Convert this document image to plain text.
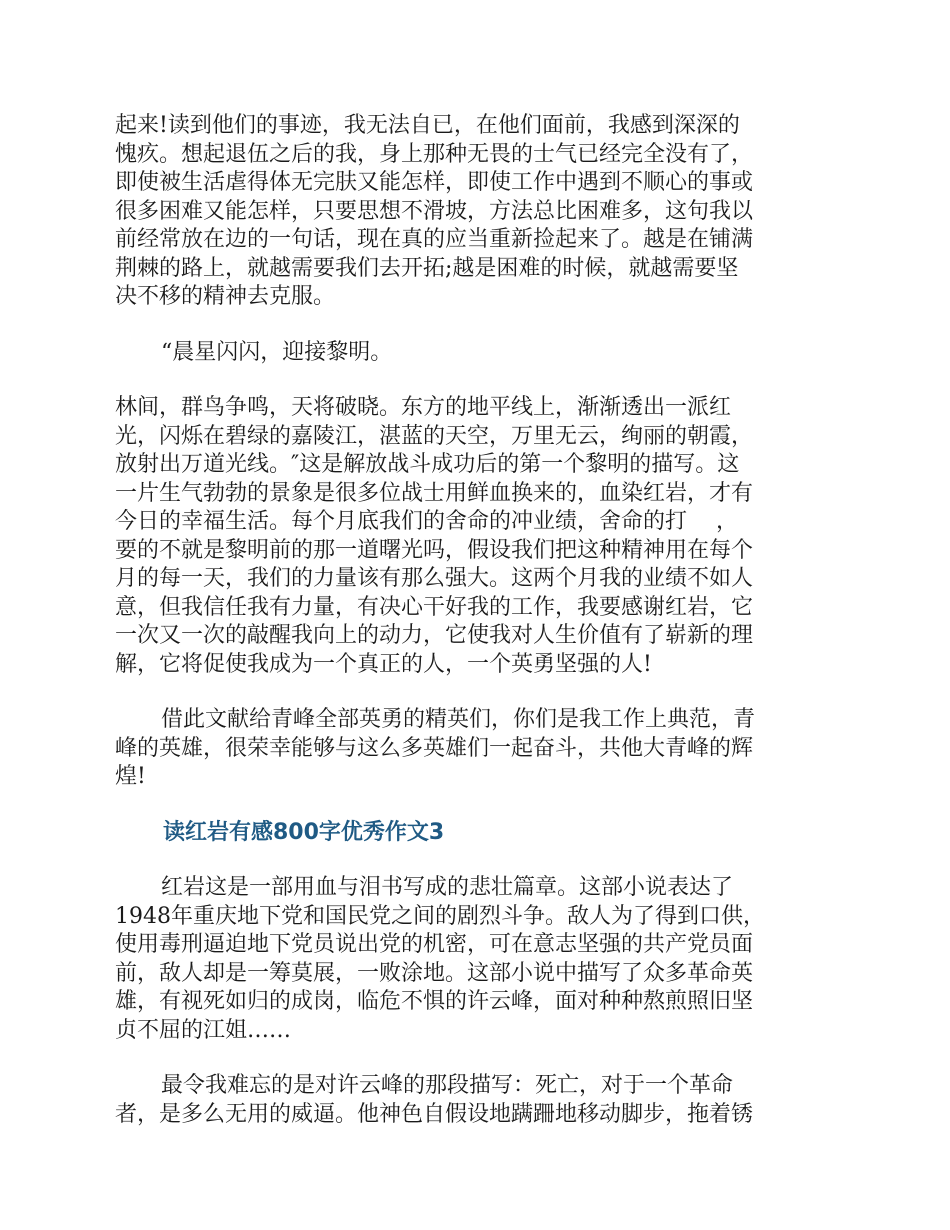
起来!读到他们的事迹，我无法自已，在他们面前，我感到深深的
愧疚。想起退伍之后的我，身上那种无畏的士气已经完全没有了，
即使被生活虐得体无完肤又能怎样，即使工作中遇到不顺心的事或
很多困难又能怎样，只要思想不滑坡，方法总比困难多，这句我以
前经常放在边的一句话，现在真的应当重新捡起来了。越是在铺满
荆棘的路上，就越需要我们去开拓;越是困难的时候，就越需要坚
决不移的精神去克服。
“晨星闪闪，迎接黎明。
林间，群鸟争鸣，天将破晓。东方的地平线上，渐渐透出一派红
光，闪烁在碧绿的嘉陵江，湛蓝的天空，万里无云，绚丽的朝霞，
放射出万道光线。″这是解放战斗成功后的第一个黎明的描写。这
一片生气勃勃的景象是很多位战士用鲜血换来的，血染红岩，才有
今日的幸福生活。每个月底我们的舍命的冲业绩，舍命的打　 ，
要的不就是黎明前的那一道曙光吗，假设我们把这种精神用在每个
月的每一天，我们的力量该有那么强大。这两个月我的业绩不如人
意，但我信任我有力量，有决心干好我的工作，我要感谢红岩，它
一次又一次的敲醒我向上的动力，它使我对人生价值有了崭新的理
解，它将促使我成为一个真正的人，一个英勇坚强的人!
借此文献给青峰全部英勇的精英们，你们是我工作上典范，青
峰的英雄，很荣幸能够与这么多英雄们一起奋斗，共他大青峰的辉
煌!
读红岩有感800字优秀作文3
红岩这是一部用血与泪书写成的悲壮篇章。这部小说表达了
1948年重庆地下党和国民党之间的剧烈斗争。敌人为了得到口供，
使用毒刑逼迫地下党员说出党的机密，可在意志坚强的共产党员面
前，敌人却是一筹莫展，一败涂地。这部小说中描写了众多革命英
雄，有视死如归的成岗，临危不惧的许云峰，面对种种熬煎照旧坚
贞不屈的江姐……
最令我难忘的是对许云峰的那段描写：死亡，对于一个革命
者，是多么无用的威逼。他神色自假设地蹒跚地移动脚步，拖着锈
